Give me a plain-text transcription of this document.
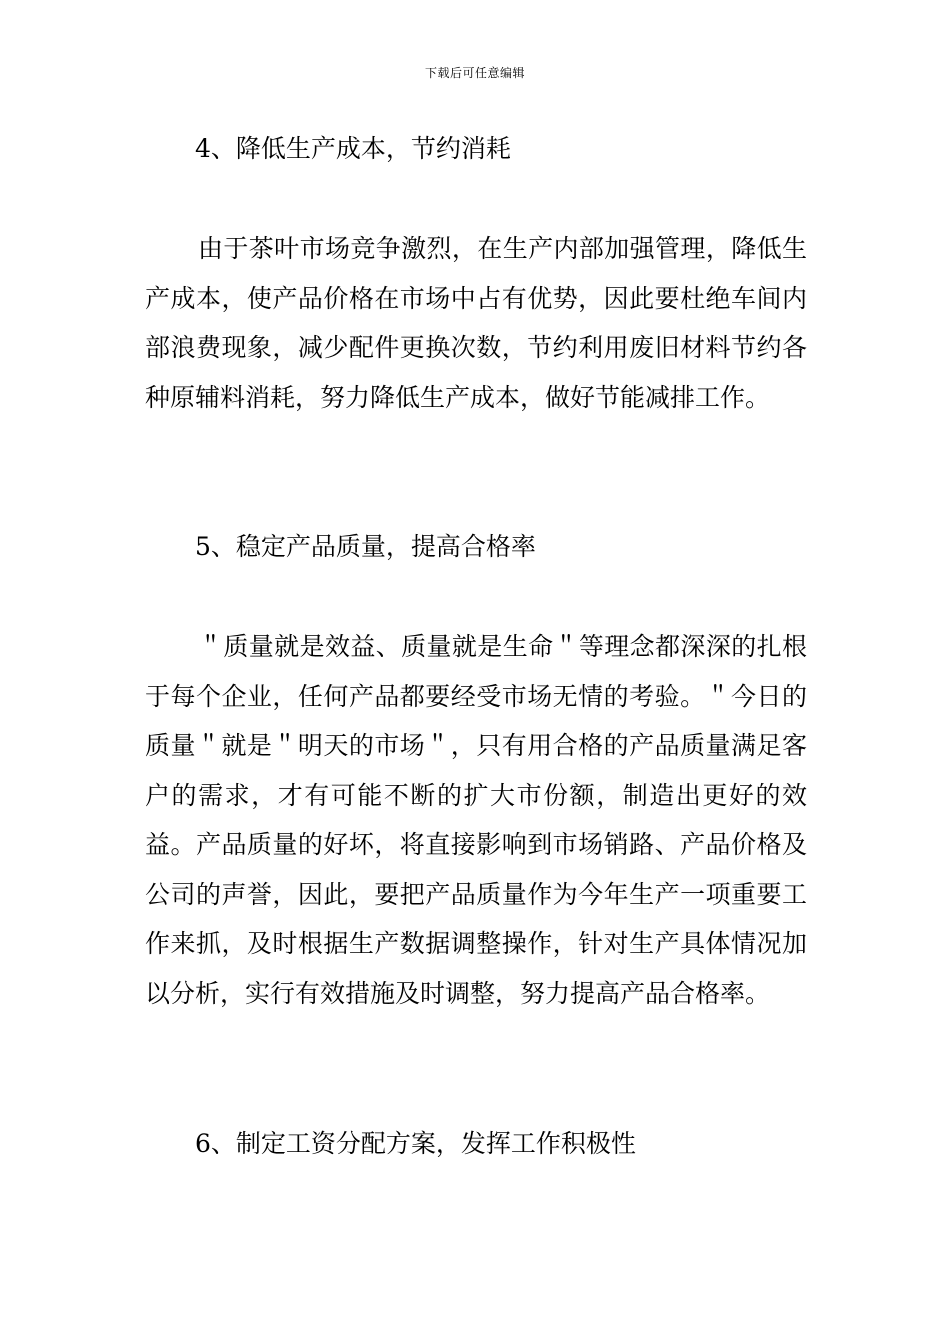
下载后可任意编辑
4、降低生产成本，节约消耗
由于茶叶市场竞争激烈，在生产内部加强管理，降低生产成本，使产品价格在市场中占有优势，因此要杜绝车间内部浪费现象，减少配件更换次数，节约利用废旧材料节约各种原辅料消耗，努力降低生产成本，做好节能减排工作。
5、稳定产品质量，提高合格率
＂质量就是效益、质量就是生命＂等理念都深深的扎根于每个企业，任何产品都要经受市场无情的考验。＂今日的质量＂就是＂明天的市场＂，只有用合格的产品质量满足客户的需求，才有可能不断的扩大市份额，制造出更好的效益。产品质量的好坏，将直接影响到市场销路、产品价格及公司的声誉，因此，要把产品质量作为今年生产一项重要工作来抓，及时根据生产数据调整操作，针对生产具体情况加以分析，实行有效措施及时调整，努力提高产品合格率。
6、制定工资分配方案，发挥工作积极性
